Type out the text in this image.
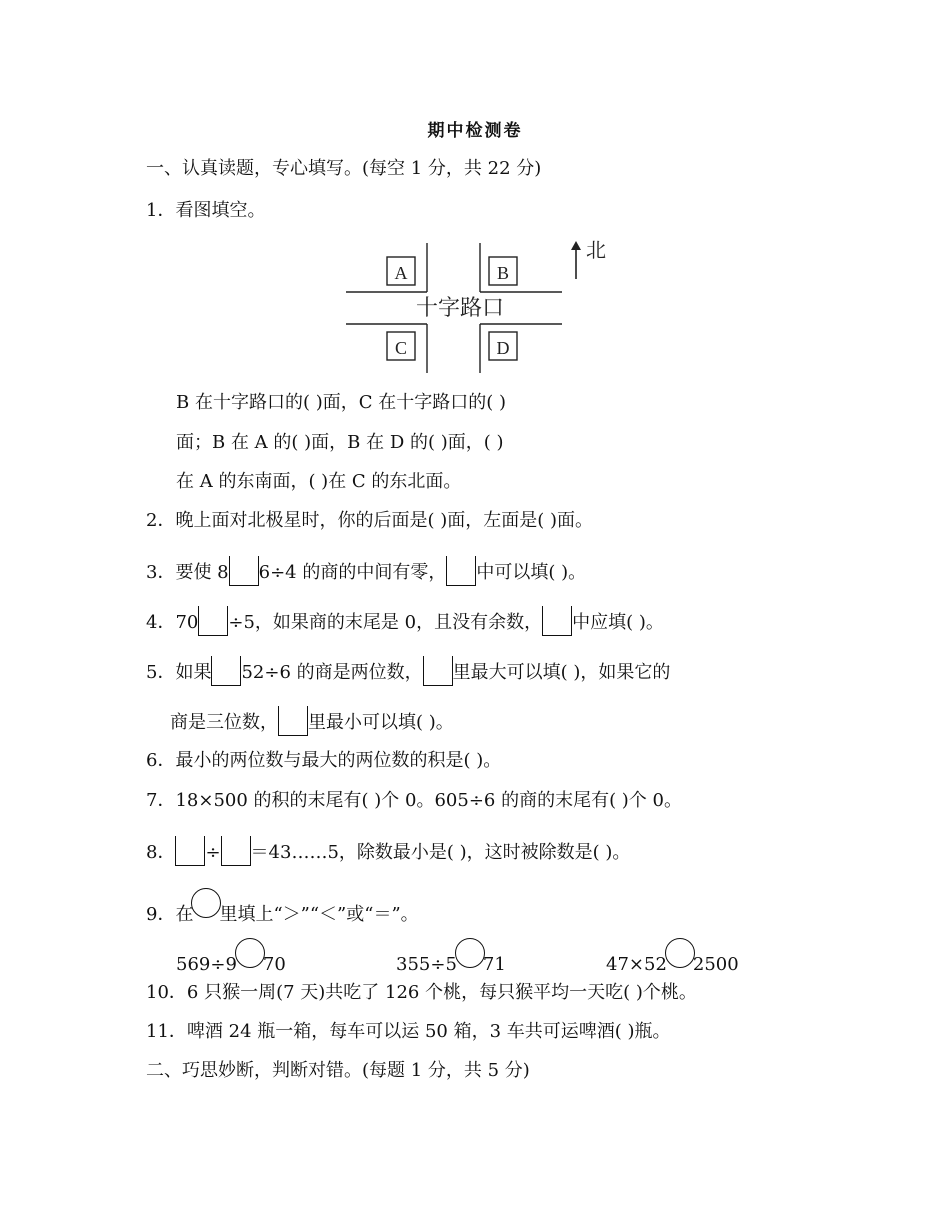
期中检测卷
一、认真读题，专心填写。(每空 1 分，共 22 分)
1．看图填空。
A	B
C	D
十字路口
北
B 在十字路口的( )面，C 在十字路口的( )
面；B 在 A 的( )面，B 在 D 的( )面，( )
在 A 的东南面，( )在 C 的东北面。
2．晚上面对北极星时，你的后面是( )面，左面是( )面。
3．要使 8 6÷4 的商的中间有零， 中可以填( )。
4．70 ÷5，如果商的末尾是 0，且没有余数， 中应填( )。
5．如果 52÷6 的商是两位数， 里最大可以填( )，如果它的
商是三位数， 里最小可以填( )。
6．最小的两位数与最大的两位数的积是( )。
7．18×500 的积的末尾有( )个 0。605÷6 的商的末尾有( )个 0。
8． ÷ ＝43……5，除数最小是( )，这时被除数是( )。
9．在 里填上“＞”“＜”或“＝”。
569÷9 70	355÷5 71	47×52 2500
10．6 只猴一周(7 天)共吃了 126 个桃，每只猴平均一天吃( )个桃。
11．啤酒 24 瓶一箱，每车可以运 50 箱，3 车共可运啤酒( )瓶。
二、巧思妙断，判断对错。(每题 1 分，共 5 分)
